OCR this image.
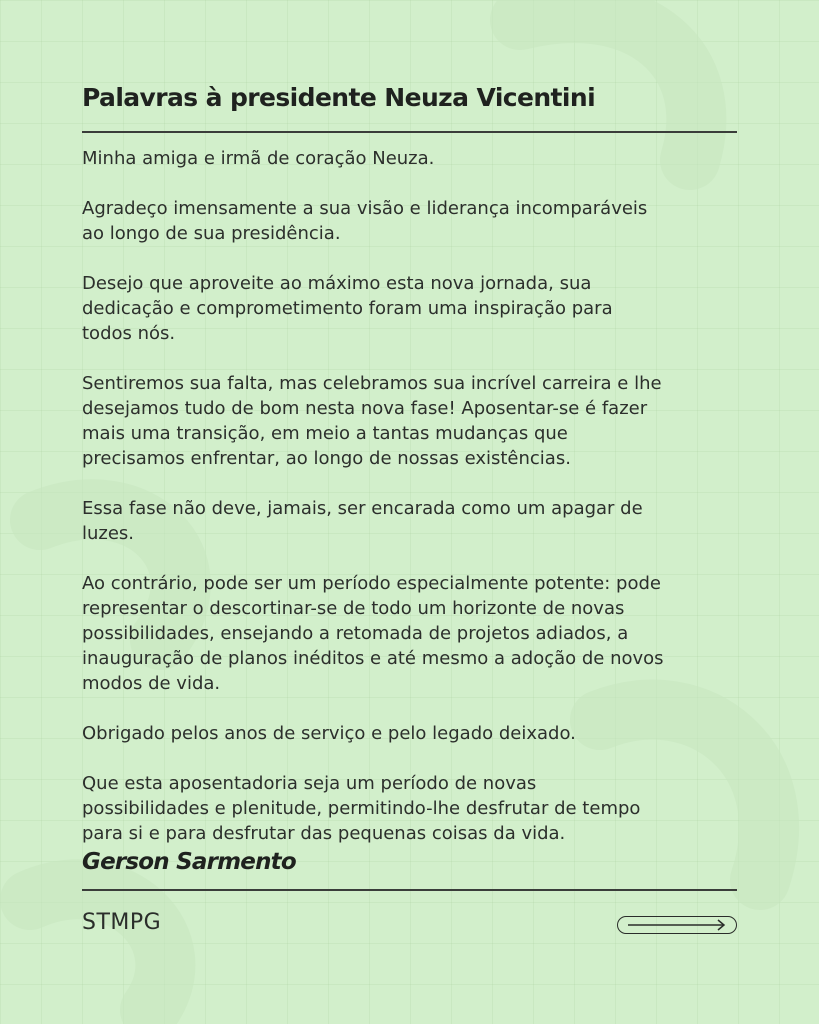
Palavras à presidente Neuza Vicentini

Minha amiga e irmã de coração Neuza.

Agradeço imensamente a sua visão e liderança incomparáveis
ao longo de sua presidência.

Desejo que aproveite ao máximo esta nova jornada, sua
dedicação e comprometimento foram uma inspiração para
todos nós.

Sentiremos sua falta, mas celebramos sua incrível carreira e lhe
desejamos tudo de bom nesta nova fase! Aposentar-se é fazer
mais uma transição, em meio a tantas mudanças que
precisamos enfrentar, ao longo de nossas existências.

Essa fase não deve, jamais, ser encarada como um apagar de
luzes.

Ao contrário, pode ser um período especialmente potente: pode
representar o descortinar-se de todo um horizonte de novas
possibilidades, ensejando a retomada de projetos adiados, a
inauguração de planos inéditos e até mesmo a adoção de novos
modos de vida.

Obrigado pelos anos de serviço e pelo legado deixado.

Que esta aposentadoria seja um período de novas
possibilidades e plenitude, permitindo-lhe desfrutar de tempo
para si e para desfrutar das pequenas coisas da vida.

Gerson Sarmento
STMPG
